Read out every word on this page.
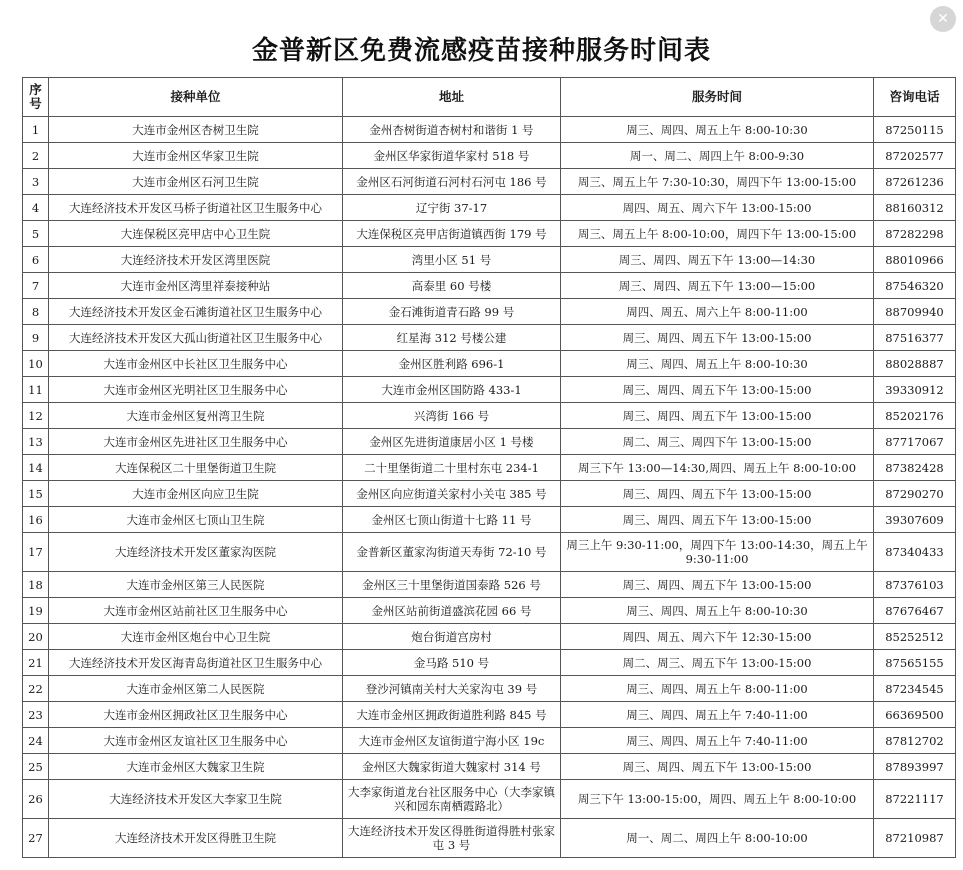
金普新区免费流感疫苗接种服务时间表
✕
序号	接种单位	地址	服务时间	咨询电话
1	大连市金州区杏树卫生院	金州杏树街道杏树村和谐街 1 号	周三、周四、周五上午 8:00-10:30	87250115
2	大连市金州区华家卫生院	金州区华家街道华家村 518 号	周一、周二、周四上午 8:00-9:30	87202577
3	大连市金州区石河卫生院	金州区石河街道石河村石河屯 186 号	周三、周五上午 7:30-10:30，周四下午 13:00-15:00	87261236
4	大连经济技术开发区马桥子街道社区卫生服务中心	辽宁街 37-17	周四、周五、周六下午 13:00-15:00	88160312
5	大连保税区亮甲店中心卫生院	大连保税区亮甲店街道镇西街 179 号	周三、周五上午 8:00-10:00，周四下午 13:00-15:00	87282298
6	大连经济技术开发区湾里医院	湾里小区 51 号	周三、周四、周五下午 13:00—14:30	88010966
7	大连市金州区湾里祥泰接种站	高泰里 60 号楼	周三、周四、周五下午 13:00—15:00	87546320
8	大连经济技术开发区金石滩街道社区卫生服务中心	金石滩街道青石路 99 号	周四、周五、周六上午 8:00-11:00	88709940
9	大连经济技术开发区大孤山街道社区卫生服务中心	红星海 312 号楼公建	周三、周四、周五下午 13:00-15:00	87516377
10	大连市金州区中长社区卫生服务中心	金州区胜利路 696-1	周三、周四、周五上午 8:00-10:30	88028887
11	大连市金州区光明社区卫生服务中心	大连市金州区国防路 433-1	周三、周四、周五下午 13:00-15:00	39330912
12	大连市金州区复州湾卫生院	兴湾街 166 号	周三、周四、周五下午 13:00-15:00	85202176
13	大连市金州区先进社区卫生服务中心	金州区先进街道康居小区 1 号楼	周二、周三、周四下午 13:00-15:00	87717067
14	大连保税区二十里堡街道卫生院	二十里堡街道二十里村东屯 234-1	周三下午 13:00—14:30,周四、周五上午 8:00-10:00	87382428
15	大连市金州区向应卫生院	金州区向应街道关家村小关屯 385 号	周三、周四、周五下午 13:00-15:00	87290270
16	大连市金州区七顶山卫生院	金州区七顶山街道十七路 11 号	周三、周四、周五下午 13:00-15:00	39307609
17	大连经济技术开发区董家沟医院	金普新区董家沟街道天寿街 72-10 号	周三上午 9:30-11:00，周四下午 13:00-14:30，周五上午 9:30-11:00	87340433
18	大连市金州区第三人民医院	金州区三十里堡街道国泰路 526 号	周三、周四、周五下午 13:00-15:00	87376103
19	大连市金州区站前社区卫生服务中心	金州区站前街道盛滨花园 66 号	周三、周四、周五上午 8:00-10:30	87676467
20	大连市金州区炮台中心卫生院	炮台街道宫房村	周四、周五、周六下午 12:30-15:00	85252512
21	大连经济技术开发区海青岛街道社区卫生服务中心	金马路 510 号	周二、周三、周五下午 13:00-15:00	87565155
22	大连市金州区第二人民医院	登沙河镇南关村大关家沟屯 39 号	周三、周四、周五上午 8:00-11:00	87234545
23	大连市金州区拥政社区卫生服务中心	大连市金州区拥政街道胜利路 845 号	周三、周四、周五上午 7:40-11:00	66369500
24	大连市金州区友谊社区卫生服务中心	大连市金州区友谊街道宁海小区 19c	周三、周四、周五上午 7:40-11:00	87812702
25	大连市金州区大魏家卫生院	金州区大魏家街道大魏家村 314 号	周三、周四、周五下午 13:00-15:00	87893997
26	大连经济技术开发区大李家卫生院	大李家街道龙台社区服务中心（大李家镇兴和园东南栖霞路北）	周三下午 13:00-15:00，周四、周五上午 8:00-10:00	87221117
27	大连经济技术开发区得胜卫生院	大连经济技术开发区得胜街道得胜村张家屯 3 号	周一、周二、周四上午 8:00-10:00	87210987
